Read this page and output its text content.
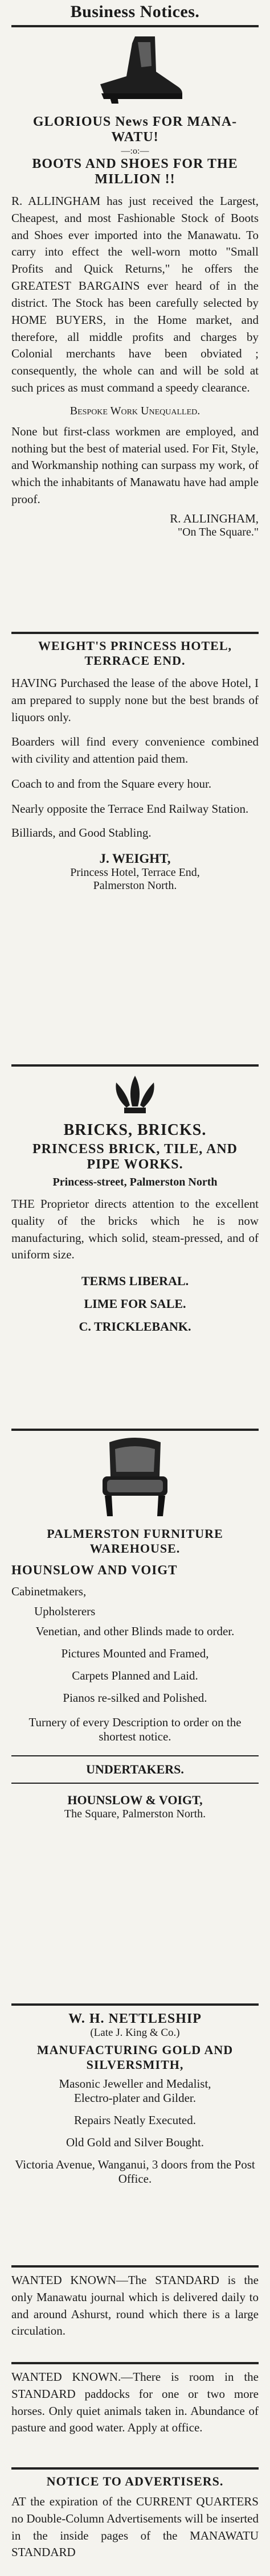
Business Notices.
GLORIOUS News FOR MANA-
WATU!
—:o:—
BOOTS AND SHOES FOR THE
MILLION !!
R. ALLINGHAM has just received the Largest, Cheapest, and most Fashionable Stock of Boots and Shoes ever imported into the Manawatu. To carry into effect the well-worn motto "Small Profits and Quick Returns," he offers the GREATEST BARGAINS ever heard of in the district. The Stock has been carefully selected by HOME BUYERS, in the Home market, and therefore, all middle profits and charges by Colonial merchants have been obviated ; consequently, the whole can and will be sold at such prices as must command a speedy clearance.
Bespoke Work Unequalled.
None but first-class workmen are employed, and nothing but the best of material used. For Fit, Style, and Workmanship nothing can surpass my work, of which the inhabitants of Manawatu have had ample proof.
R. ALLINGHAM,
"On The Square."
WEIGHT'S PRINCESS HOTEL,
TERRACE END.
HAVING Purchased the lease of the above Hotel, I am prepared to supply none but the best brands of liquors only.
Boarders will find every convenience combined with civility and attention paid them.
Coach to and from the Square every hour.
Nearly opposite the Terrace End Railway Station.
Billiards, and Good Stabling.
J. WEIGHT,
Princess Hotel, Terrace End,
Palmerston North.
BRICKS, BRICKS.
PRINCESS BRICK, TILE, AND
PIPE WORKS.
Princess-street, Palmerston North
THE Proprietor directs attention to the excellent quality of the bricks which he is now manufacturing, which solid, steam-pressed, and of uniform size.
TERMS LIBERAL.
LIME FOR SALE.
C. TRICKLEBANK.
PALMERSTON FURNITURE
WAREHOUSE.
HOUNSLOW AND VOIGT
Cabinetmakers,
Upholsterers
Venetian, and other Blinds made to order.
Pictures Mounted and Framed,
Carpets Planned and Laid.
Pianos re-silked and Polished.
Turnery of every Description to order on the shortest notice.
UNDERTAKERS.
HOUNSLOW & VOIGT,
The Square, Palmerston North.
W. H. NETTLESHIP
(Late J. King & Co.)
MANUFACTURING GOLD AND
SILVERSMITH,
Masonic Jeweller and Medalist,
Electro-plater and Gilder.
Repairs Neatly Executed.
Old Gold and Silver Bought.
Victoria Avenue, Wanganui, 3 doors from the Post Office.
WANTED KNOWN—The STANDARD is the only Manawatu journal which is delivered daily to and around Ashurst, round which there is a large circulation.
WANTED KNOWN.—There is room in the STANDARD paddocks for one or two more horses. Only quiet animals taken in. Abundance of pasture and good water. Apply at office.
NOTICE TO ADVERTISERS.
AT the expiration of the CURRENT QUARTERS no Double-Column Advertisements will be inserted in the inside pages of the MANAWATU STANDARD
